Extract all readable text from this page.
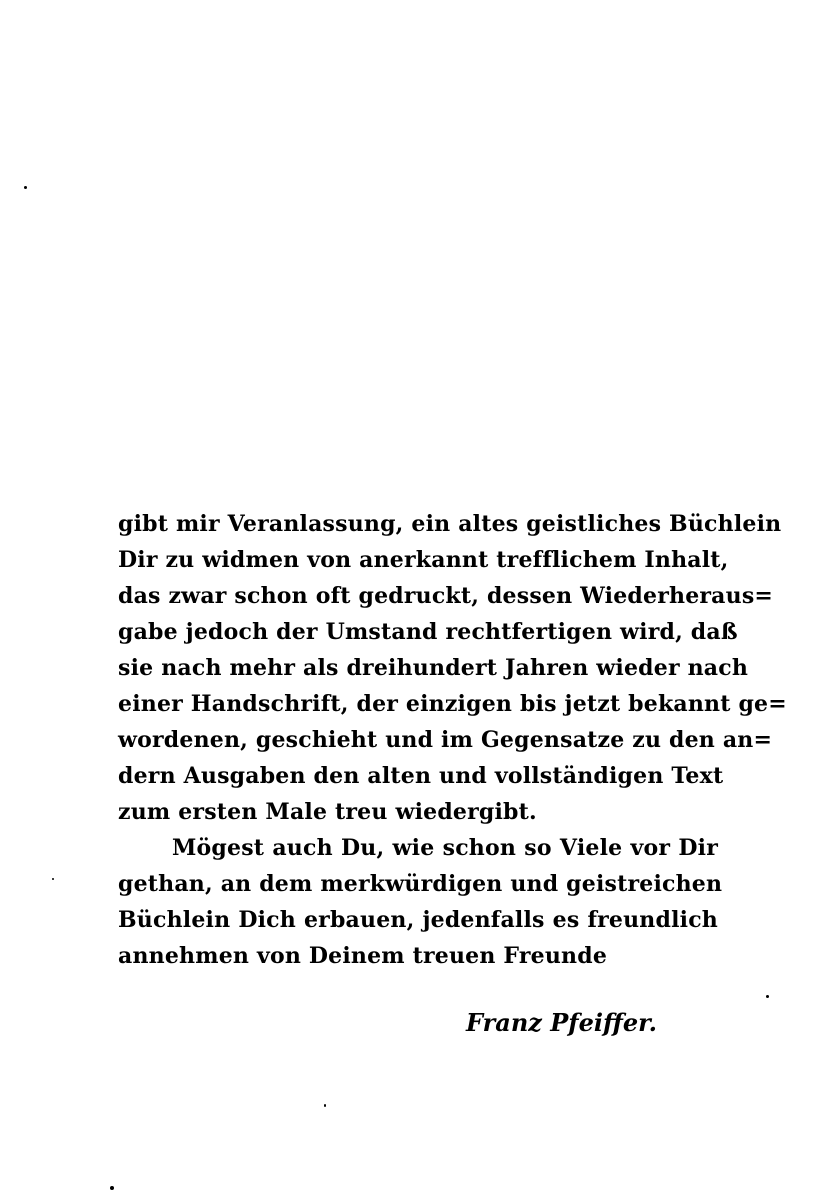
gibt mir Veranlassung, ein altes geistliches Büchlein
Dir zu widmen von anerkannt trefflichem Inhalt,
das zwar schon oft gedruckt, dessen Wiederheraus=
gabe jedoch der Umstand rechtfertigen wird, daß
sie nach mehr als dreihundert Jahren wieder nach
einer Handschrift, der einzigen bis jetzt bekannt ge=
wordenen, geschieht und im Gegensatze zu den an=
dern Ausgaben den alten und vollständigen Text
zum ersten Male treu wiedergibt.
Mögest auch Du, wie schon so Viele vor Dir
gethan, an dem merkwürdigen und geistreichen
Büchlein Dich erbauen, jedenfalls es freundlich
annehmen von Deinem treuen Freunde
Franz Pfeiffer.
